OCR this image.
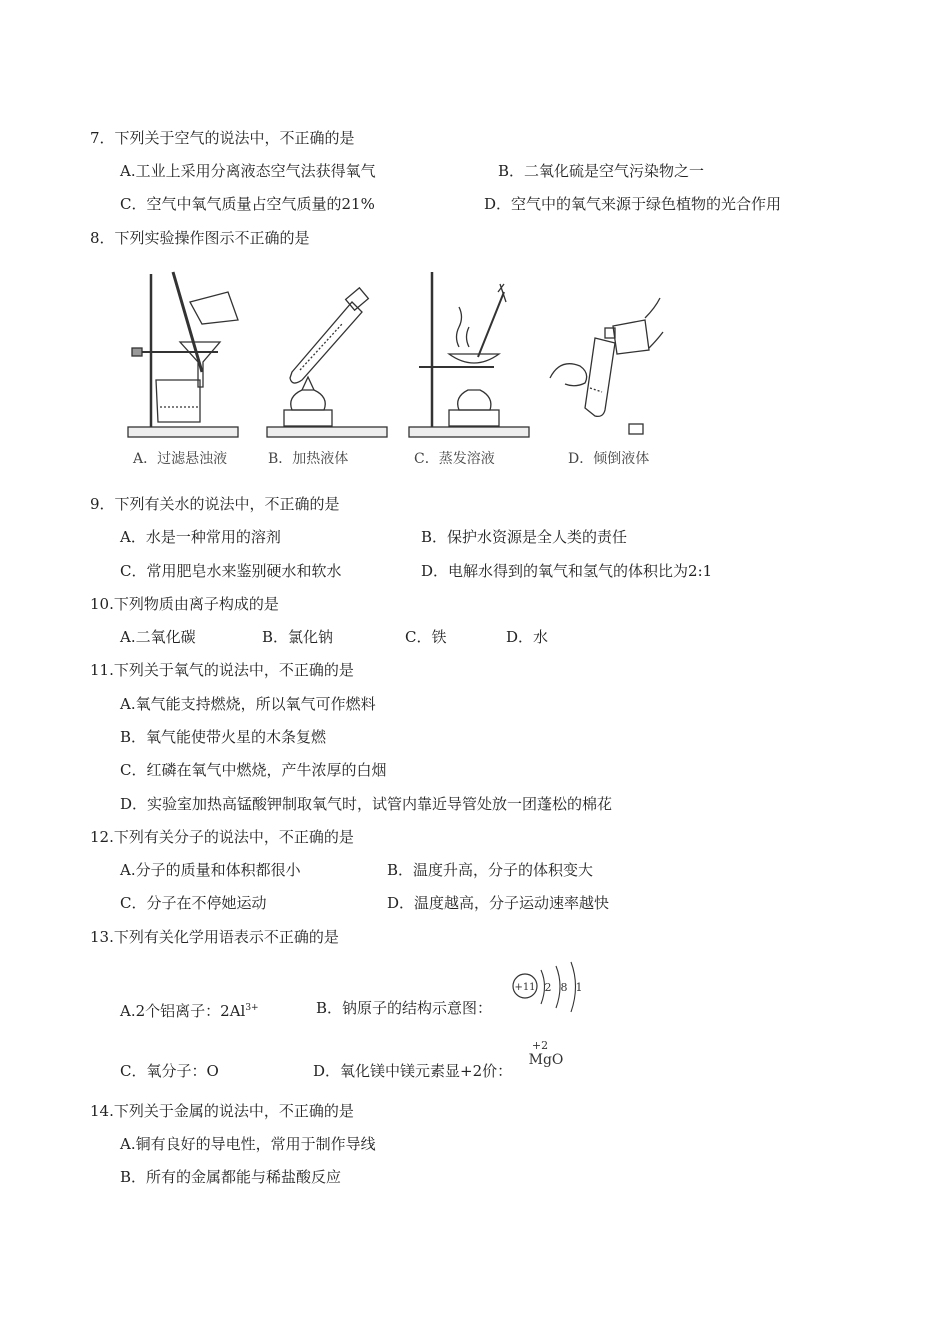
7．下列关于空气的说法中，不正确的是
A.工业上采用分离液态空气法获得氧气	B．二氧化硫是空气污染物之一
C．空气中氧气质量占空气质量的21%	D．空气中的氧气来源于绿色植物的光合作用
8．下列实验操作图示不正确的是
A．过滤悬浊液	B．加热液体	C．蒸发溶液	D．倾倒液体
9．下列有关水的说法中，不正确的是
A．水是一种常用的溶剂	B．保护水资源是全人类的责任
C．常用肥皂水来鉴别硬水和软水	D．电解水得到的氧气和氢气的体积比为2:1
10.下列物质由离子构成的是
A.二氧化碳	B．氯化钠	C．铁	D．水
11.下列关于氧气的说法中，不正确的是
A.氧气能支持燃烧，所以氧气可作燃料
B．氧气能使带火星的木条复燃
C．红磷在氧气中燃烧，产牛浓厚的白烟
D．实验室加热高锰酸钾制取氧气时，试管内靠近导管处放一团蓬松的棉花
12.下列有关分子的说法中，不正确的是
A.分子的质量和体积都很小	B．温度升高，分子的体积变大
C．分子在不停她运动	D．温度越高，分子运动速率越快
13.下列有关化学用语表示不正确的是
A.2个铝离子：$2Al^{3+}$	B．钠原子的结构示意图：
+11 2 8 1
C．氧分子：O	D．氧化镁中镁元素显+2价：
+2
MgO
14.下列关于金属的说法中，不正确的是
A.铜有良好的导电性，常用于制作导线
B．所有的金属都能与稀盐酸反应
